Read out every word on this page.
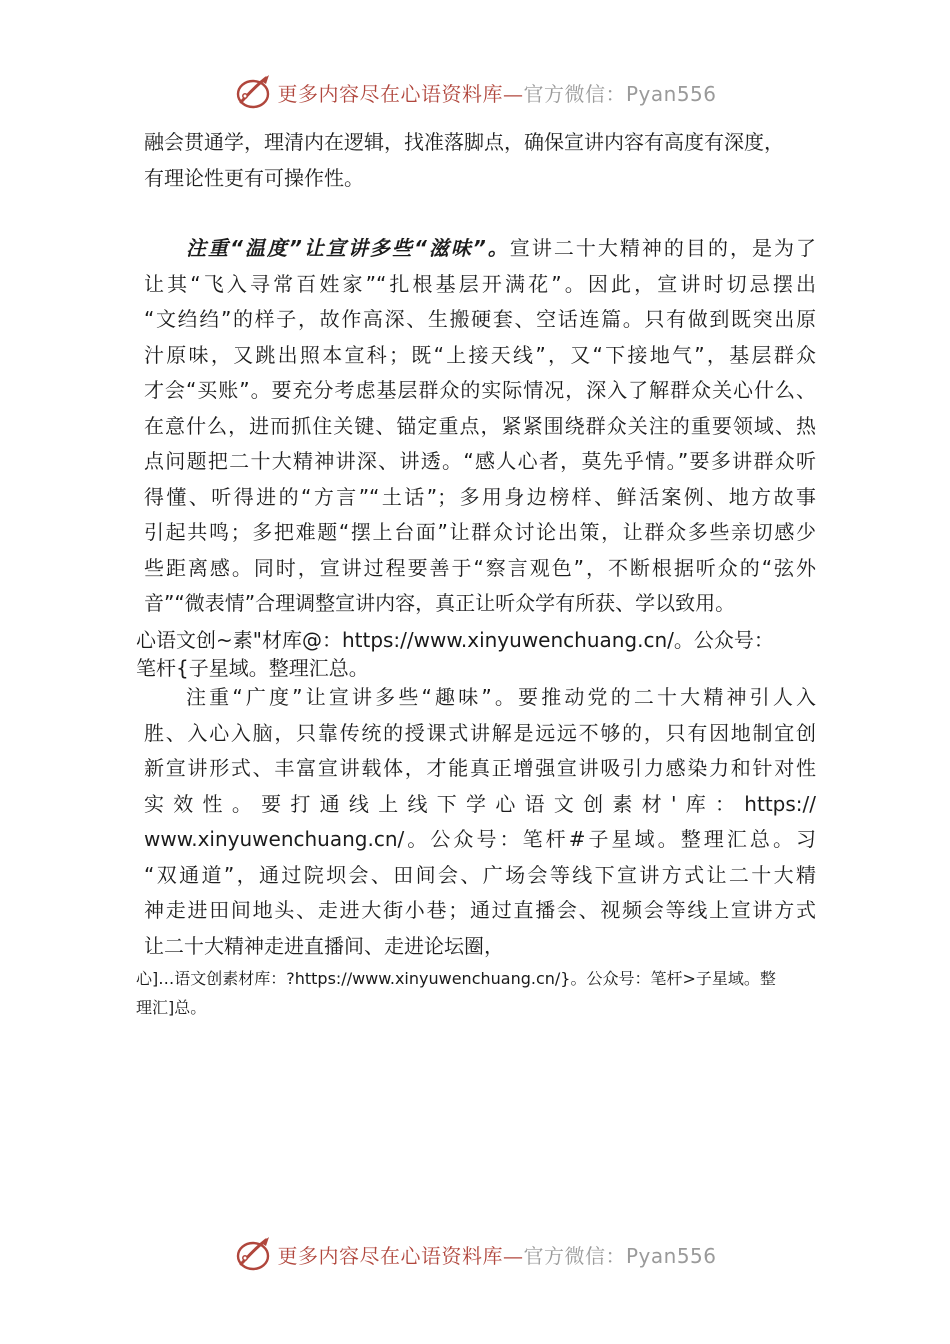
更多内容尽在心语资料库—官方微信：Pyan556
融会贯通学，理清内在逻辑，找准落脚点，确保宣讲内容有高度有深度，
有理论性更有可操作性。
注重“温度”让宣讲多些“滋味”。宣讲二十大精神的目的，是为了
让其“飞入寻常百姓家”“扎根基层开满花”。因此，宣讲时切忌摆出
“文绉绉”的样子，故作高深、生搬硬套、空话连篇。只有做到既突出原
汁原味，又跳出照本宣科；既“上接天线”，又“下接地气”，基层群众
才会“买账”。要充分考虑基层群众的实际情况，深入了解群众关心什么、
在意什么，进而抓住关键、锚定重点，紧紧围绕群众关注的重要领域、热
点问题把二十大精神讲深、讲透。“感人心者，莫先乎情。”要多讲群众听
得懂、听得进的“方言”“土话”；多用身边榜样、鲜活案例、地方故事
引起共鸣；多把难题“摆上台面”让群众讨论出策，让群众多些亲切感少
些距离感。同时，宣讲过程要善于“察言观色”，不断根据听众的“弦外
音”“微表情”合理调整宣讲内容，真正让听众学有所获、学以致用。
心语文创~素"材库@：https://www.xinyuwenchuang.cn/。公众号：
笔杆{子星域。整理汇总。
注重“广度”让宣讲多些“趣味”。要推动党的二十大精神引人入
胜、入心入脑，只靠传统的授课式讲解是远远不够的，只有因地制宜创
新宣讲形式、丰富宣讲载体，才能真正增强宣讲吸引力感染力和针对性
实效性。要打通线上线下学心语文创素材'库：https://
www.xinyuwenchuang.cn/。公众号：笔杆#子星域。整理汇总。习
“双通道”，通过院坝会、田间会、广场会等线下宣讲方式让二十大精
神走进田间地头、走进大街小巷；通过直播会、视频会等线上宣讲方式
让二十大精神走进直播间、走进论坛圈，
心]…语文创素材库：?https://www.xinyuwenchuang.cn/}。公众号：笔杆>子星域。整
理汇]总。
更多内容尽在心语资料库—官方微信：Pyan556
